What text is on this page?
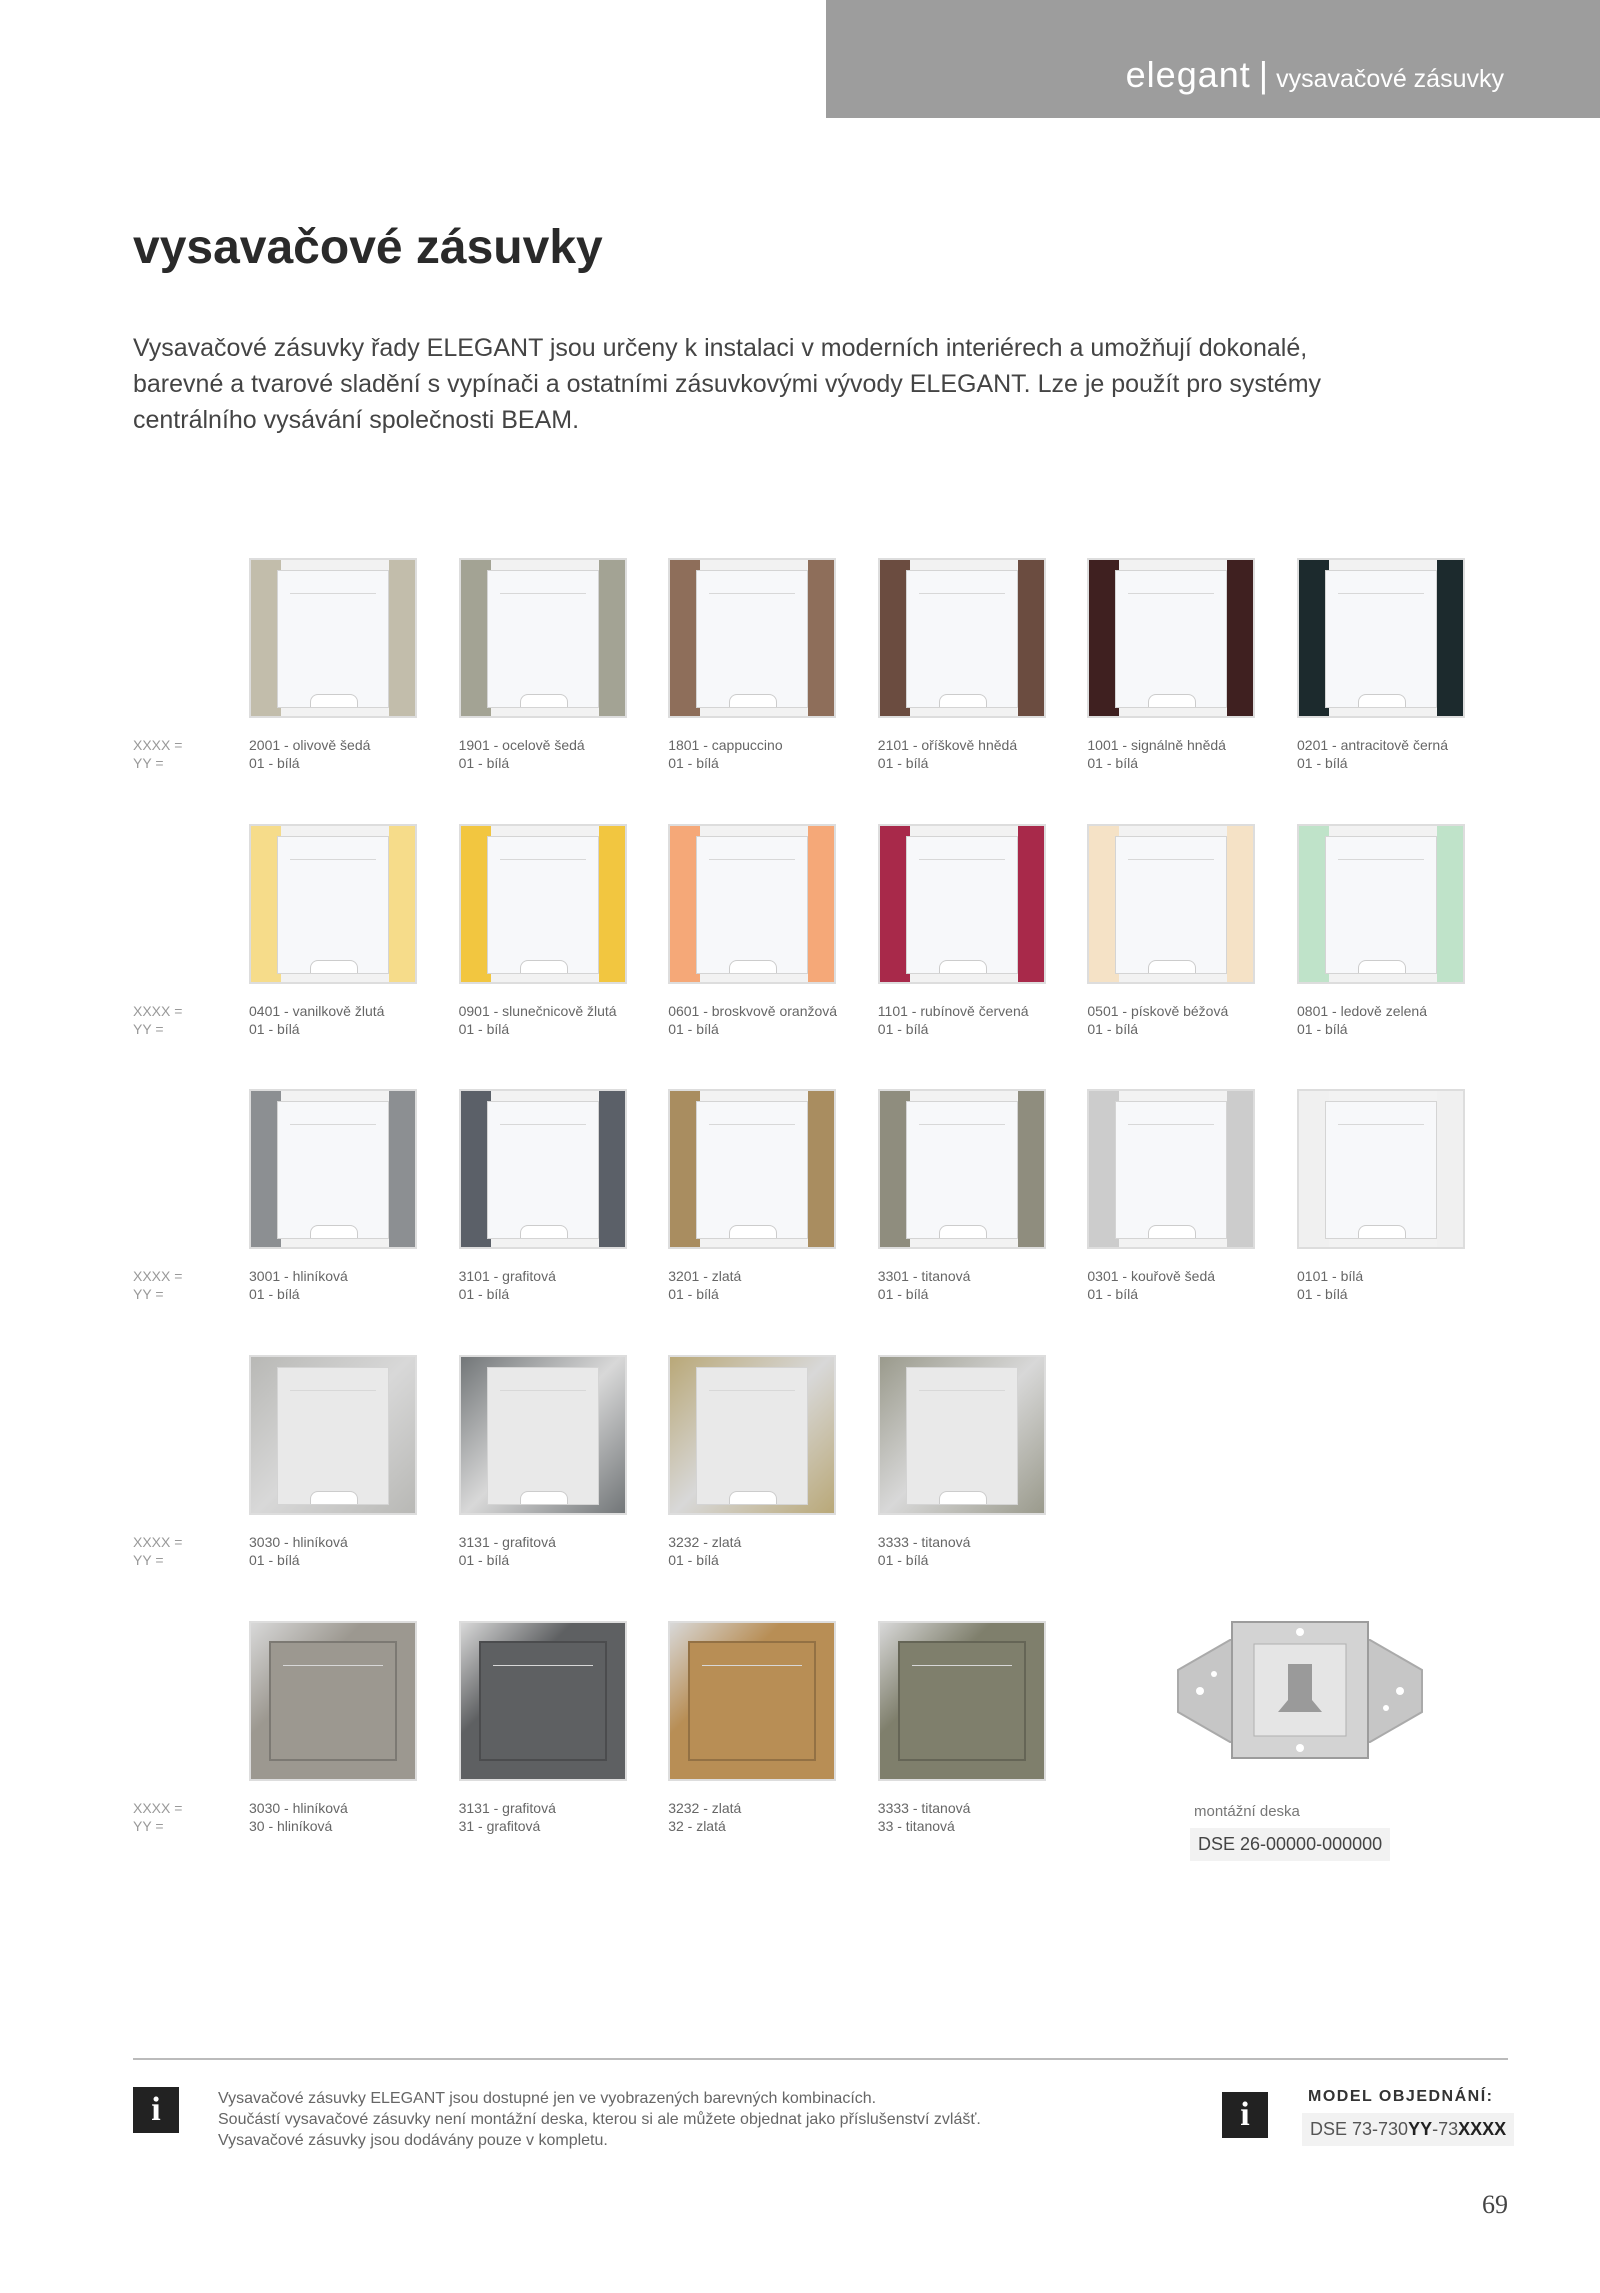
elegant | vysavačové zásuvky
vysavačové zásuvky

Vysavačové zásuvky řady ELEGANT jsou určeny k instalaci v moderních interiérech a umožňují dokonalé,
barevné a tvarové sladění s vypínači a ostatními zásuvkovými vývody ELEGANT. Lze je použít pro systémy
centrálního vysávání společnosti BEAM.

XXXX =
YY =
2001 - olivově šedá
01 - bílá
1901 - ocelově šedá
01 - bílá
1801 - cappuccino
01 - bílá
2101 - oříškově hnědá
01 - bílá
1001 - signálně hnědá
01 - bílá
0201 - antracitově černá
01 - bílá
XXXX =
YY =
0401 - vanilkově žlutá
01 - bílá
0901 - slunečnicově žlutá
01 - bílá
0601 - broskvově oranžová
01 - bílá
1101 - rubínově červená
01 - bílá
0501 - pískově béžová
01 - bílá
0801 - ledově zelená
01 - bílá
XXXX =
YY =
3001 - hliníková
01 - bílá
3101 - grafitová
01 - bílá
3201 - zlatá
01 - bílá
3301 - titanová
01 - bílá
0301 - kouřově šedá
01 - bílá
0101 - bílá
01 - bílá
XXXX =
YY =
3030 - hliníková
01 - bílá
3131 - grafitová
01 - bílá
3232 - zlatá
01 - bílá
3333 - titanová
01 - bílá
XXXX =
YY =
3030 - hliníková
30 - hliníková
3131 - grafitová
31 - grafitová
3232 - zlatá
32 - zlatá
3333 - titanová
33 - titanová
montážní deska
DSE 26-00000-000000
i	Vysavačové zásuvky ELEGANT jsou dostupné jen ve vyobrazených barevných kombinacích.
Součástí vysavačové zásuvky není montážní deska, kterou si ale můžete objednat jako příslušenství zvlášť.
Vysavačové zásuvky jsou dodávány pouze v kompletu.
i	MODEL OBJEDNÁNÍ:
DSE 73-730YY-73XXXX
69
